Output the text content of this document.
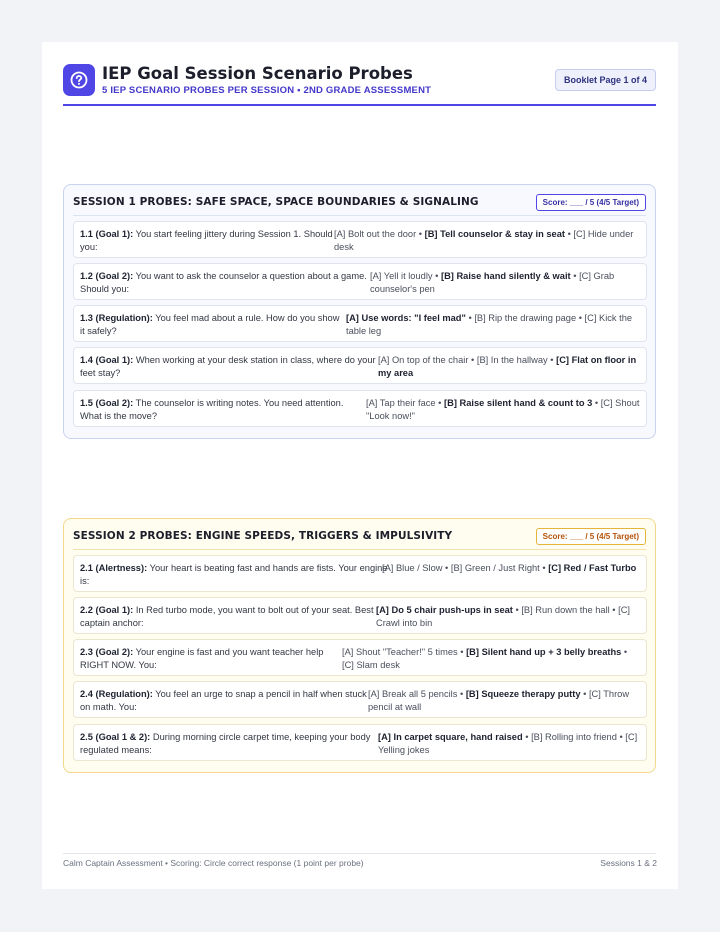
IEP Goal Session Scenario Probes
5 IEP SCENARIO PROBES PER SESSION • 2ND GRADE ASSESSMENT
Booklet Page 1 of 4
SESSION 1 PROBES: SAFE SPACE, SPACE BOUNDARIES & SIGNALING	Score: ___ / 5 (4/5 Target)
1.1 (Goal 1): You start feeling jittery during Session 1. Should you:
[A] Bolt out the door • [B] Tell counselor & stay in seat • [C] Hide under desk
1.2 (Goal 2): You want to ask the counselor a question about a game. Should you:
[A] Yell it loudly • [B] Raise hand silently & wait • [C] Grab counselor's pen
1.3 (Regulation): You feel mad about a rule. How do you show it safely?
[A] Use words: "I feel mad" • [B] Rip the drawing page • [C] Kick the table leg
1.4 (Goal 1): When working at your desk station in class, where do your feet stay?
[A] On top of the chair • [B] In the hallway • [C] Flat on floor in my area
1.5 (Goal 2): The counselor is writing notes. You need attention. What is the move?
[A] Tap their face • [B] Raise silent hand & count to 3 • [C] Shout "Look now!"
SESSION 2 PROBES: ENGINE SPEEDS, TRIGGERS & IMPULSIVITY	Score: ___ / 5 (4/5 Target)
2.1 (Alertness): Your heart is beating fast and hands are fists. Your engine is:
[A] Blue / Slow • [B] Green / Just Right • [C] Red / Fast Turbo
2.2 (Goal 1): In Red turbo mode, you want to bolt out of your seat. Best captain anchor:
[A] Do 5 chair push-ups in seat • [B] Run down the hall • [C] Crawl into bin
2.3 (Goal 2): Your engine is fast and you want teacher help RIGHT NOW. You:
[A] Shout "Teacher!" 5 times • [B] Silent hand up + 3 belly breaths • [C] Slam desk
2.4 (Regulation): You feel an urge to snap a pencil in half when stuck on math. You:
[A] Break all 5 pencils • [B] Squeeze therapy putty • [C] Throw pencil at wall
2.5 (Goal 1 & 2): During morning circle carpet time, keeping your body regulated means:
[A] In carpet square, hand raised • [B] Rolling into friend • [C] Yelling jokes
Calm Captain Assessment • Scoring: Circle correct response (1 point per probe)	Sessions 1 & 2
